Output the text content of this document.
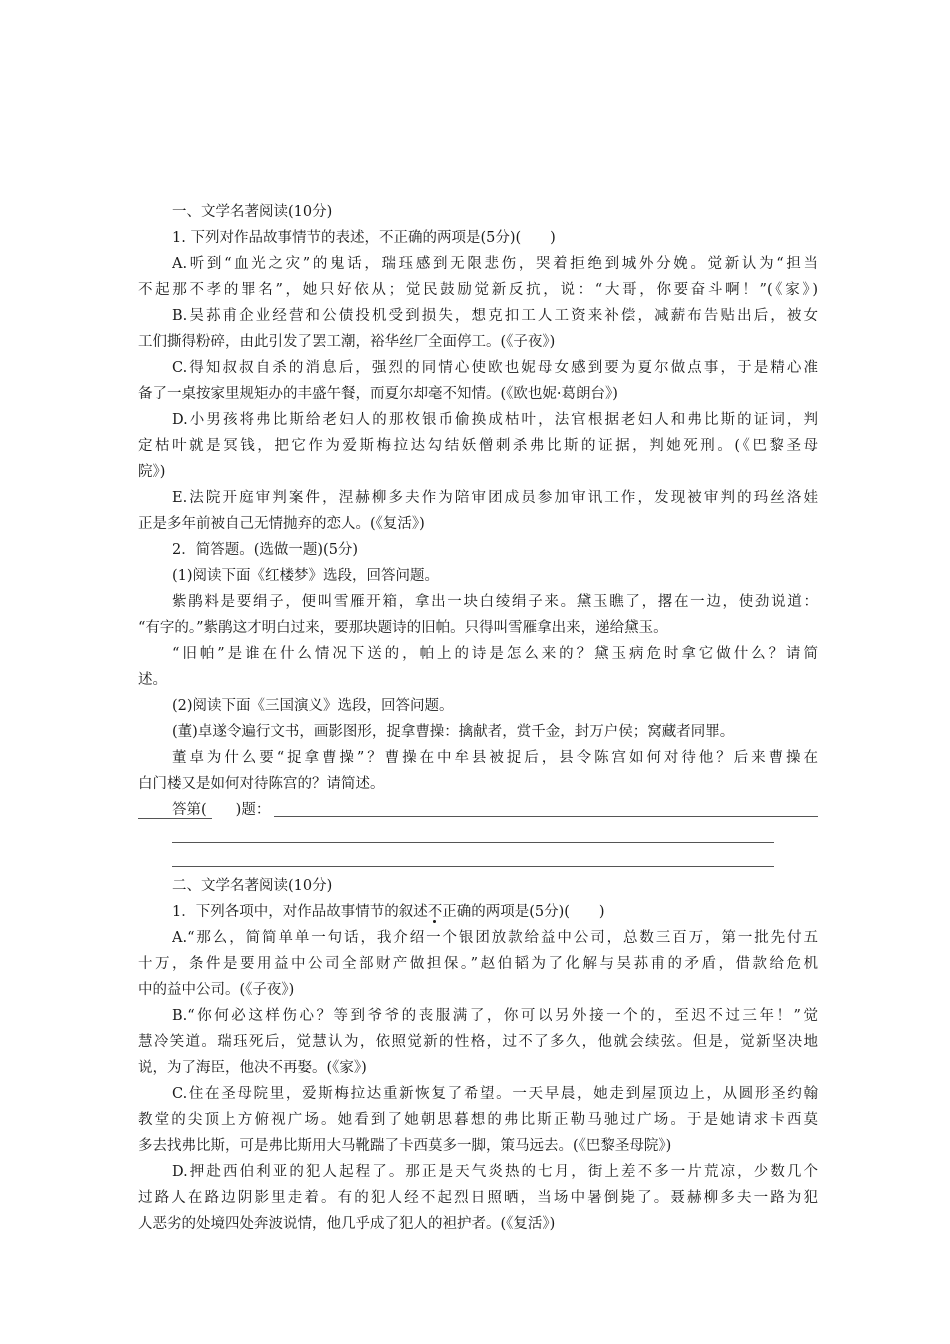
一、文学名著阅读(10分)
1. 下列对作品故事情节的表述，不正确的两项是(5分)(　　)
A.听到“血光之灾”的鬼话，瑞珏感到无限悲伤，哭着拒绝到城外分娩。觉新认为“担当
不起那不孝的罪名”，她只好依从；觉民鼓励觉新反抗，说：“大哥，你要奋斗啊！”(《家》)
B.吴荪甫企业经营和公债投机受到损失，想克扣工人工资来补偿，减薪布告贴出后，被女
工们撕得粉碎，由此引发了罢工潮，裕华丝厂全面停工。(《子夜》)
C.得知叔叔自杀的消息后，强烈的同情心使欧也妮母女感到要为夏尔做点事，于是精心准
备了一桌按家里规矩办的丰盛午餐，而夏尔却毫不知情。(《欧也妮·葛朗台》)
D.小男孩将弗比斯给老妇人的那枚银币偷换成枯叶，法官根据老妇人和弗比斯的证词，判
定枯叶就是冥钱，把它作为爱斯梅拉达勾结妖僧刺杀弗比斯的证据，判她死刑。(《巴黎圣母
院》)
E.法院开庭审判案件，涅赫柳多夫作为陪审团成员参加审讯工作，发现被审判的玛丝洛娃
正是多年前被自己无情抛弃的恋人。(《复活》)
2．简答题。(选做一题)(5分)
(1)阅读下面《红楼梦》选段，回答问题。
紫鹃料是要绢子，便叫雪雁开箱，拿出一块白绫绢子来。黛玉瞧了，撂在一边，使劲说道：
“有字的。”紫鹃这才明白过来，要那块题诗的旧帕。只得叫雪雁拿出来，递给黛玉。
“旧帕”是谁在什么情况下送的，帕上的诗是怎么来的？黛玉病危时拿它做什么？请简
述。
(2)阅读下面《三国演义》选段，回答问题。
(董)卓遂令遍行文书，画影图形，捉拿曹操：擒献者，赏千金，封万户侯；窝藏者同罪。
董卓为什么要“捉拿曹操”？曹操在中牟县被捉后，县令陈宫如何对待他？后来曹操在
白门楼又是如何对待陈宫的？请简述。
答第(　　)题：
二、文学名著阅读(10分)
1．下列各项中，对作品故事情节的叙述不正确的两项是(5分)(　　)
A.“那么，简简单单一句话，我介绍一个银团放款给益中公司，总数三百万，第一批先付五
十万，条件是要用益中公司全部财产做担保。”赵伯韬为了化解与吴荪甫的矛盾，借款给危机
中的益中公司。(《子夜》)
B.“你何必这样伤心？等到爷爷的丧服满了，你可以另外接一个的，至迟不过三年！”觉
慧冷笑道。瑞珏死后，觉慧认为，依照觉新的性格，过不了多久，他就会续弦。但是，觉新坚决地
说，为了海臣，他决不再娶。(《家》)
C.住在圣母院里，爱斯梅拉达重新恢复了希望。一天早晨，她走到屋顶边上，从圆形圣约翰
教堂的尖顶上方俯视广场。她看到了她朝思暮想的弗比斯正勒马驰过广场。于是她请求卡西莫
多去找弗比斯，可是弗比斯用大马靴踹了卡西莫多一脚，策马远去。(《巴黎圣母院》)
D.押赴西伯利亚的犯人起程了。那正是天气炎热的七月，街上差不多一片荒凉，少数几个
过路人在路边阴影里走着。有的犯人经不起烈日照晒，当场中暑倒毙了。聂赫柳多夫一路为犯
人恶劣的处境四处奔波说情，他几乎成了犯人的袒护者。(《复活》)
